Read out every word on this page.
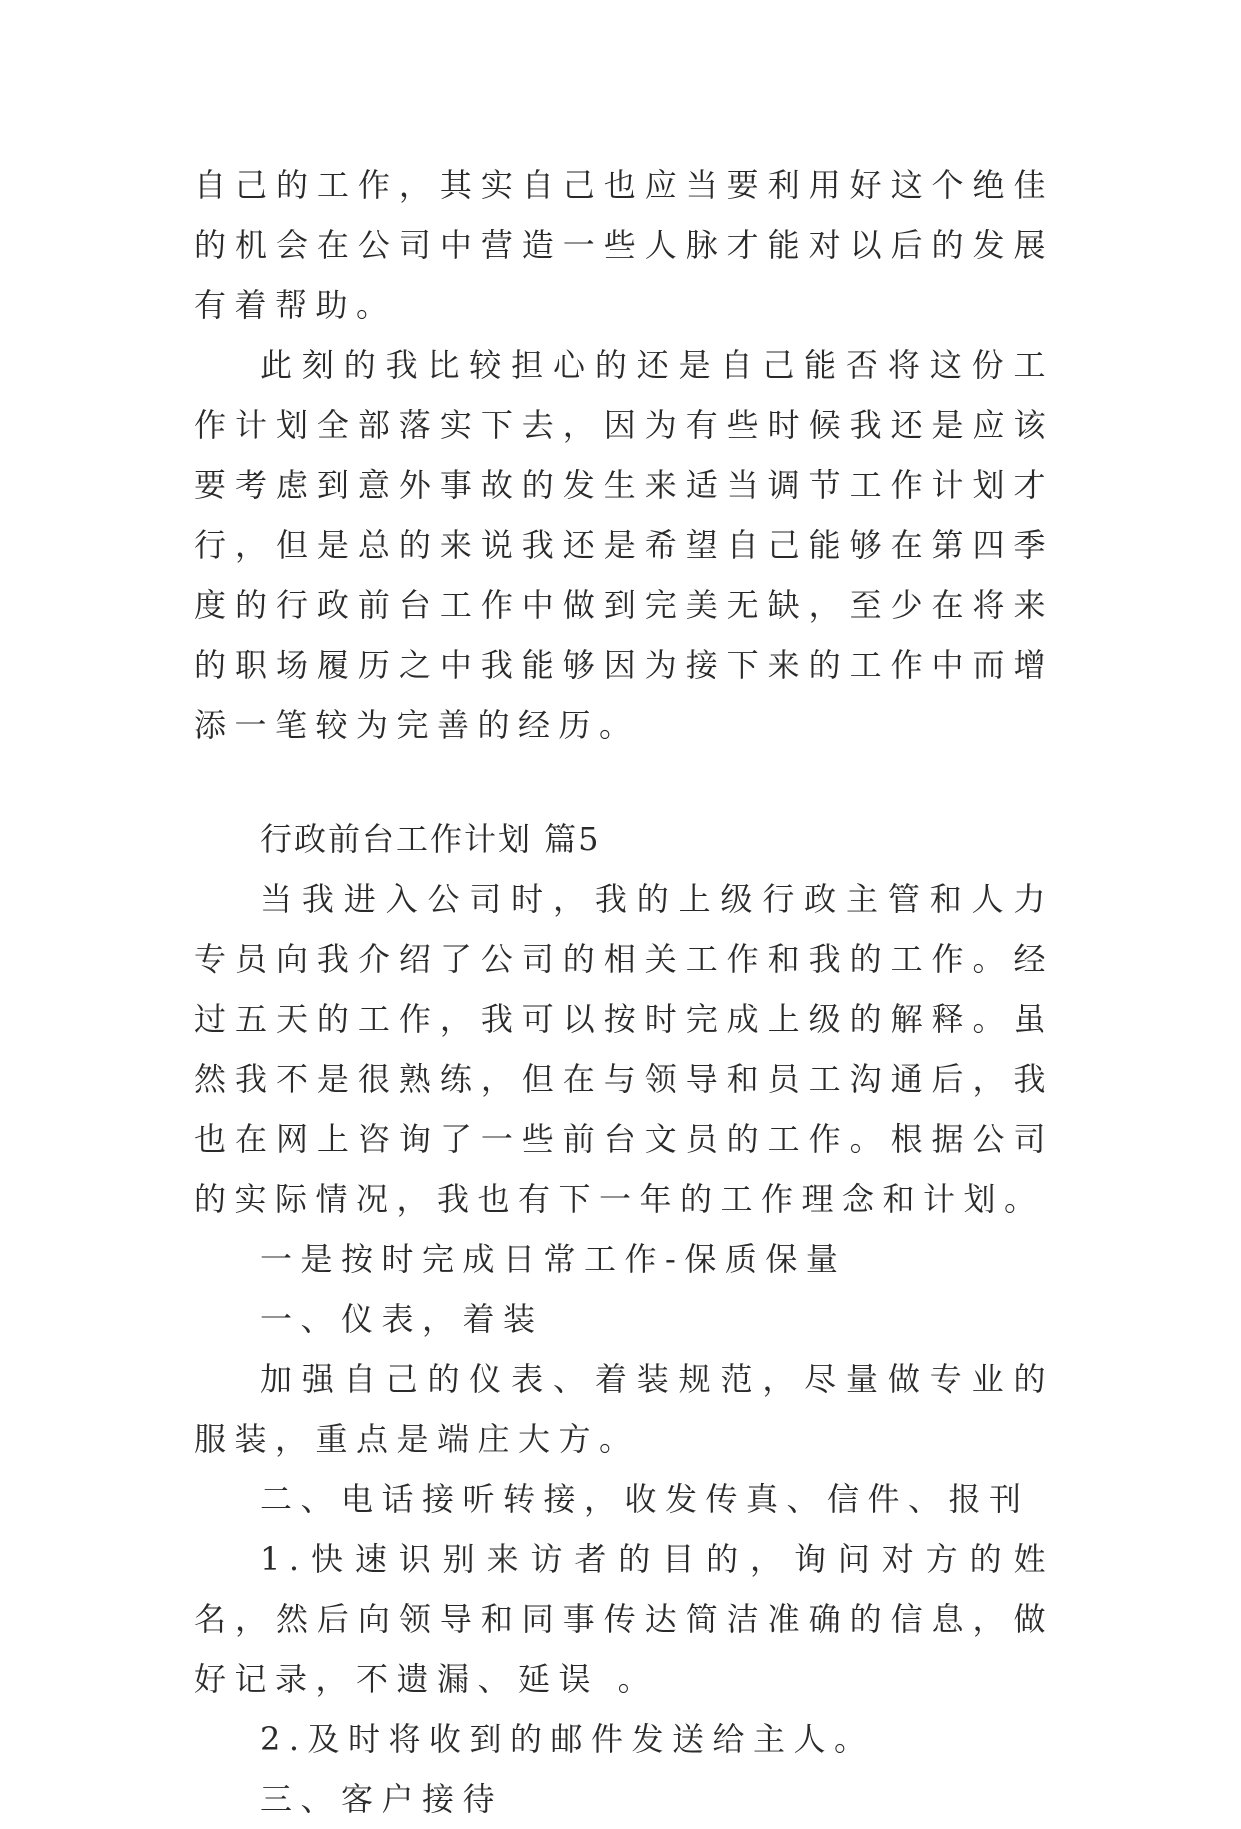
自己的工作，其实自己也应当要利用好这个绝佳的机会在公司中营造一些人脉才能对以后的发展有着帮助。

此刻的我比较担心的还是自己能否将这份工作计划全部落实下去，因为有些时候我还是应该要考虑到意外事故的发生来适当调节工作计划才行，但是总的来说我还是希望自己能够在第四季度的行政前台工作中做到完美无缺，至少在将来的职场履历之中我能够因为接下来的工作中而增添一笔较为完善的经历。

行政前台工作计划 篇5

当我进入公司时，我的上级行政主管和人力专员向我介绍了公司的相关工作和我的工作。经过五天的工作，我可以按时完成上级的解释。虽然我不是很熟练，但在与领导和员工沟通后，我也在网上咨询了一些前台文员的工作。根据公司的实际情况，我也有下一年的工作理念和计划。

一是按时完成日常工作-保质保量

一、仪表，着装

加强自己的仪表、着装规范，尽量做专业的服装，重点是端庄大方。

二、电话接听转接，收发传真、信件、报刊

1.快速识别来访者的目的，询问对方的姓名，然后向领导和同事传达简洁准确的信息，做好记录，不遗漏、延误 。

2.及时将收到的邮件发送给主人。

三、客户接待
